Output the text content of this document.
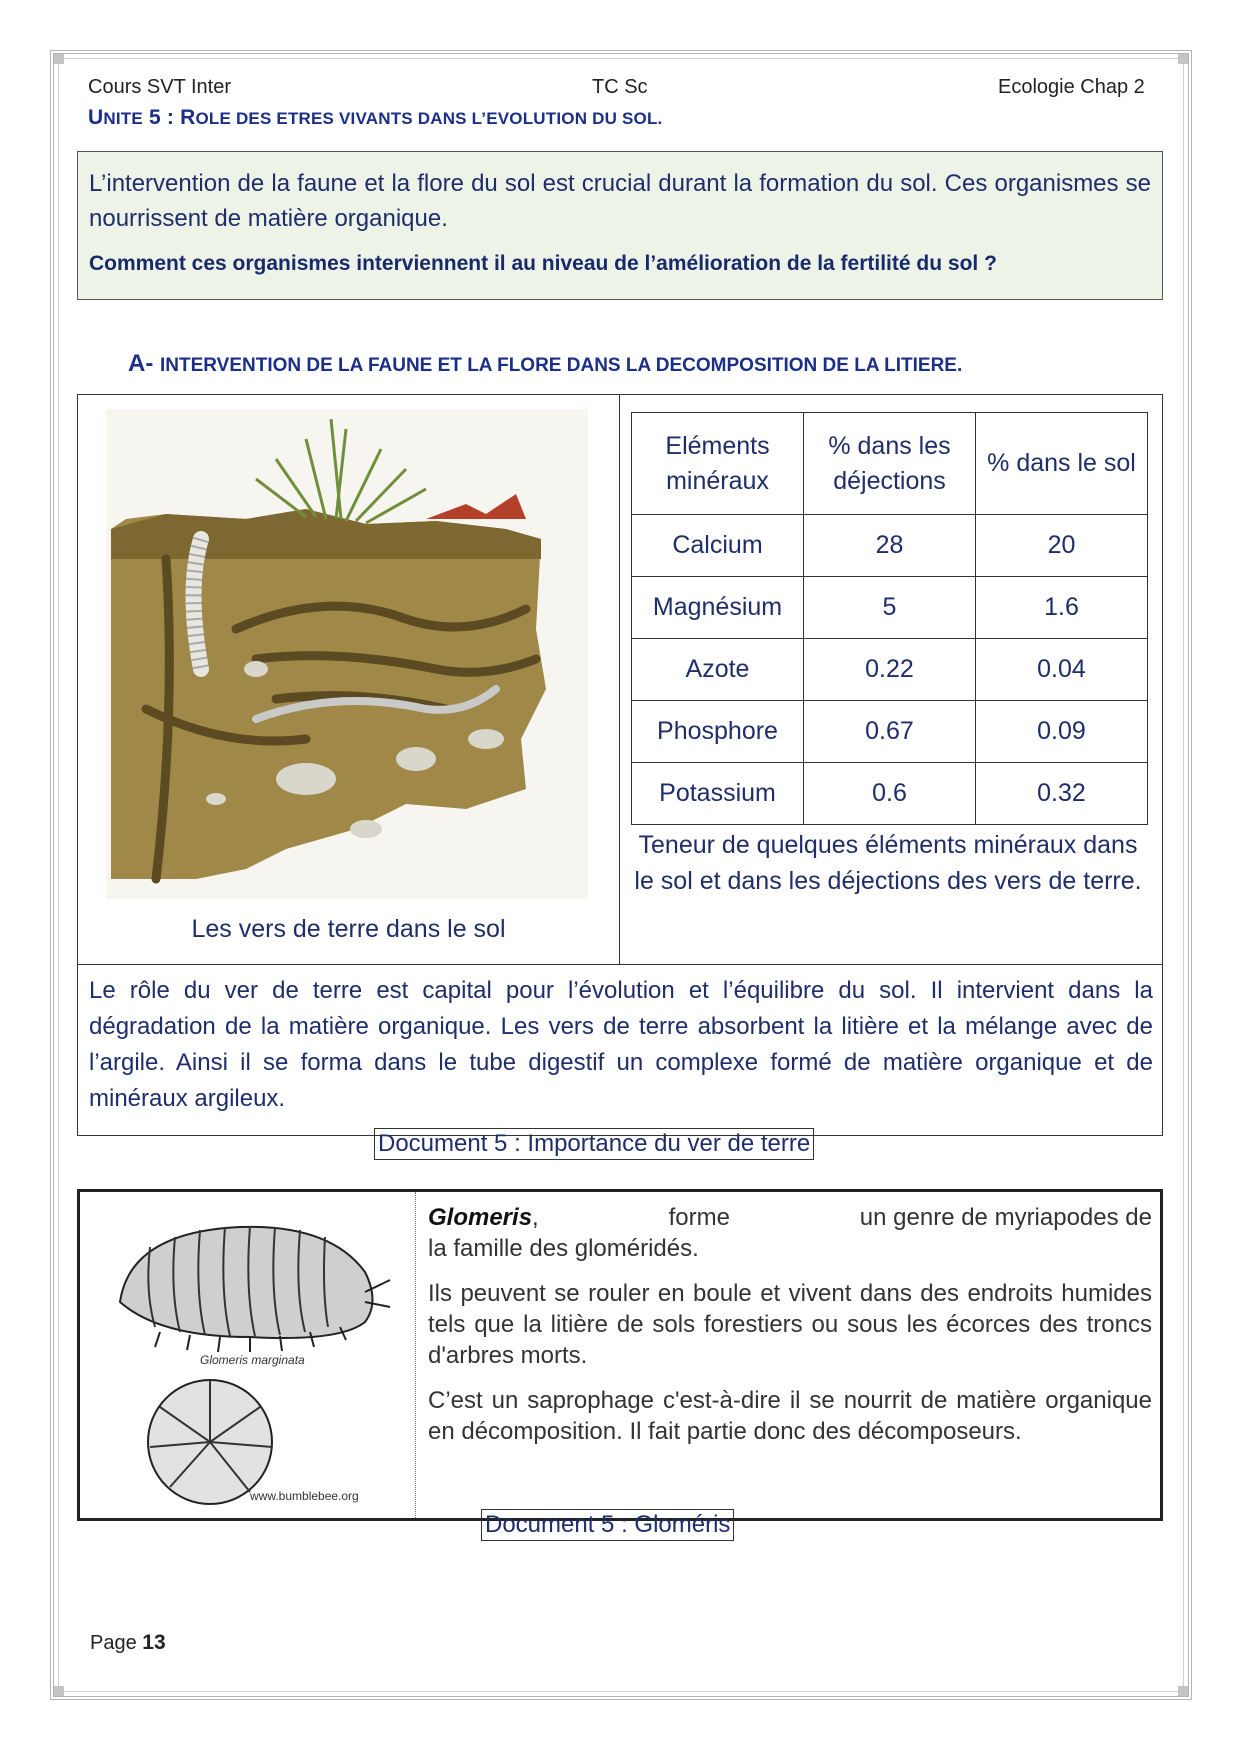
Cours SVT Inter	TC Sc	Ecologie Chap 2
UNITE 5 : ROLE DES ETRES VIVANTS DANS L’EVOLUTION DU SOL.

L’intervention de la faune et la flore du sol est crucial durant la formation du sol. Ces organismes se nourrissent de matière organique.

Comment ces organismes interviennent il au niveau de l’amélioration de la fertilité du sol ?

A- INTERVENTION DE LA FAUNE ET LA FLORE DANS LA DECOMPOSITION DE LA LITIERE.
Les vers de terre dans le sol
Eléments minéraux	% dans les déjections	% dans le sol
Calcium	28	20
Magnésium	5	1.6
Azote	0.22	0.04
Phosphore	0.67	0.09
Potassium	0.6	0.32
Teneur de quelques éléments minéraux dans le sol et dans les déjections des vers de terre.

Le rôle du ver de terre est capital pour l’évolution et l’équilibre du sol. Il intervient dans la dégradation de la matière organique. Les vers de terre absorbent la litière et la mélange avec de l’argile. Ainsi il se forma dans le tube digestif un complexe formé de matière organique et de minéraux argileux.

Document 5 : Importance du ver de terre
Glomeris marginata
www.bumblebee.org

Glomeris,	forme	un genre de myriapodes de
la famille des gloméridés.

Ils peuvent se rouler en boule et vivent dans des endroits humides tels que la litière de sols forestiers ou sous les écorces des troncs d'arbres morts.

C’est un saprophage c'est-à-dire il se nourrit de matière organique en décomposition. Il fait partie donc des décomposeurs.

Document 5 : Gloméris
Page 13
